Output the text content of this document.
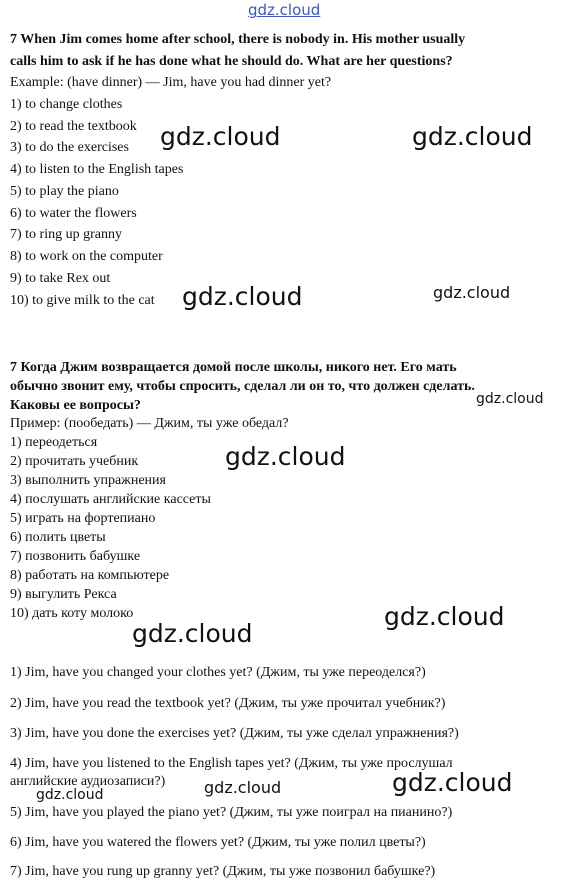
gdz.cloud
7 When Jim comes home after school, there is nobody in. His mother usually
calls him to ask if he has done what he should do. What are her questions?
Example: (have dinner) — Jim, have you had dinner yet?
1) to change clothes
2) to read the textbook
3) to do the exercises
4) to listen to the English tapes
5) to play the piano
6) to water the flowers
7) to ring up granny
8) to work on the computer
9) to take Rex out
10) to give milk to the cat
7 Когда Джим возвращается домой после школы, никого нет. Его мать
обычно звонит ему, чтобы спросить, сделал ли он то, что должен сделать.
Каковы ее вопросы?
Пример: (пообедать) — Джим, ты уже обедал?
1) переодеться
2) прочитать учебник
3) выполнить упражнения
4) послушать английские кассеты
5) играть на фортепиано
6) полить цветы
7) позвонить бабушке
8) работать на компьютере
9) выгулить Рекса
10) дать коту молоко
1) Jim, have you changed your clothes yet? (Джим, ты уже переоделся?)
2) Jim, have you read the textbook yet? (Джим, ты уже прочитал учебник?)
3) Jim, have you done the exercises yet? (Джим, ты уже сделал упражнения?)
4) Jim, have you listened to the English tapes yet? (Джим, ты уже прослушал
английские аудиозаписи?)
5) Jim, have you played the piano yet? (Джим, ты уже поиграл на пианино?)
6) Jim, have you watered the flowers yet? (Джим, ты уже полил цветы?)
7) Jim, have you rung up granny yet? (Джим, ты уже позвонил бабушке?)
gdz.cloud	gdz.cloud
gdz.cloud	gdz.cloud
gdz.cloud
gdz.cloud
gdz.cloud
gdz.cloud
gdz.cloud
gdz.cloud
gdz.cloud
